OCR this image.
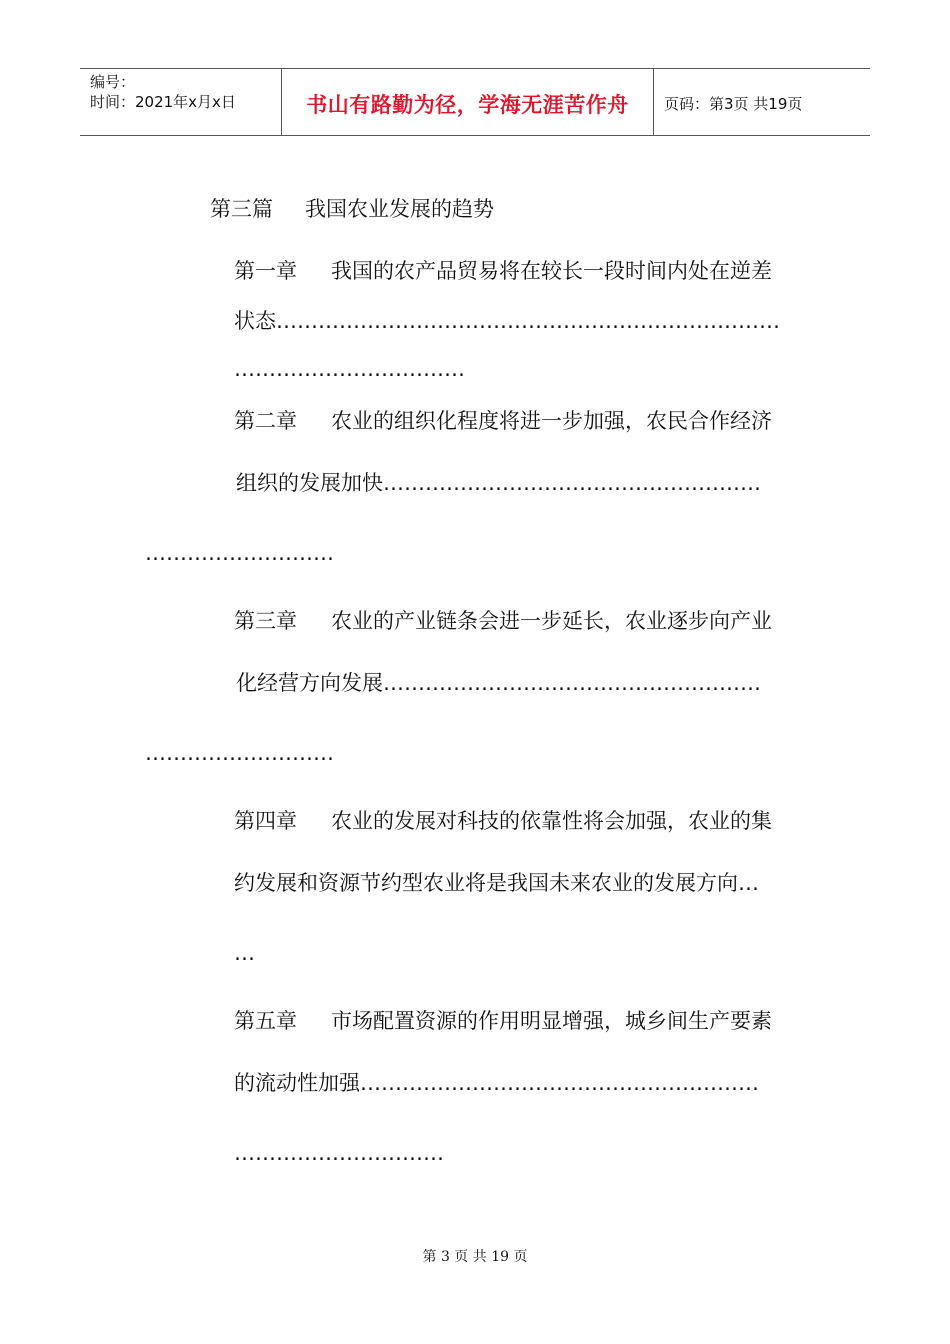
编号：
时间：2021年x月x日	书山有路勤为径，学海无涯苦作舟	页码：第3页 共19页
第三篇 我国农业发展的趋势
第一章 我国的农产品贸易将在较长一段时间内处在逆差
状态………………………………………………………………
……………………………
第二章 农业的组织化程度将进一步加强，农民合作经济
组织的发展加快………………………………………………
………………………
第三章 农业的产业链条会进一步延长，农业逐步向产业
化经营方向发展………………………………………………
………………………
第四章 农业的发展对科技的依靠性将会加强，农业的集
约发展和资源节约型农业将是我国未来农业的发展方向…
…
第五章 市场配置资源的作用明显增强，城乡间生产要素
的流动性加强…………………………………………………
…………………………
第 3 页 共 19 页
